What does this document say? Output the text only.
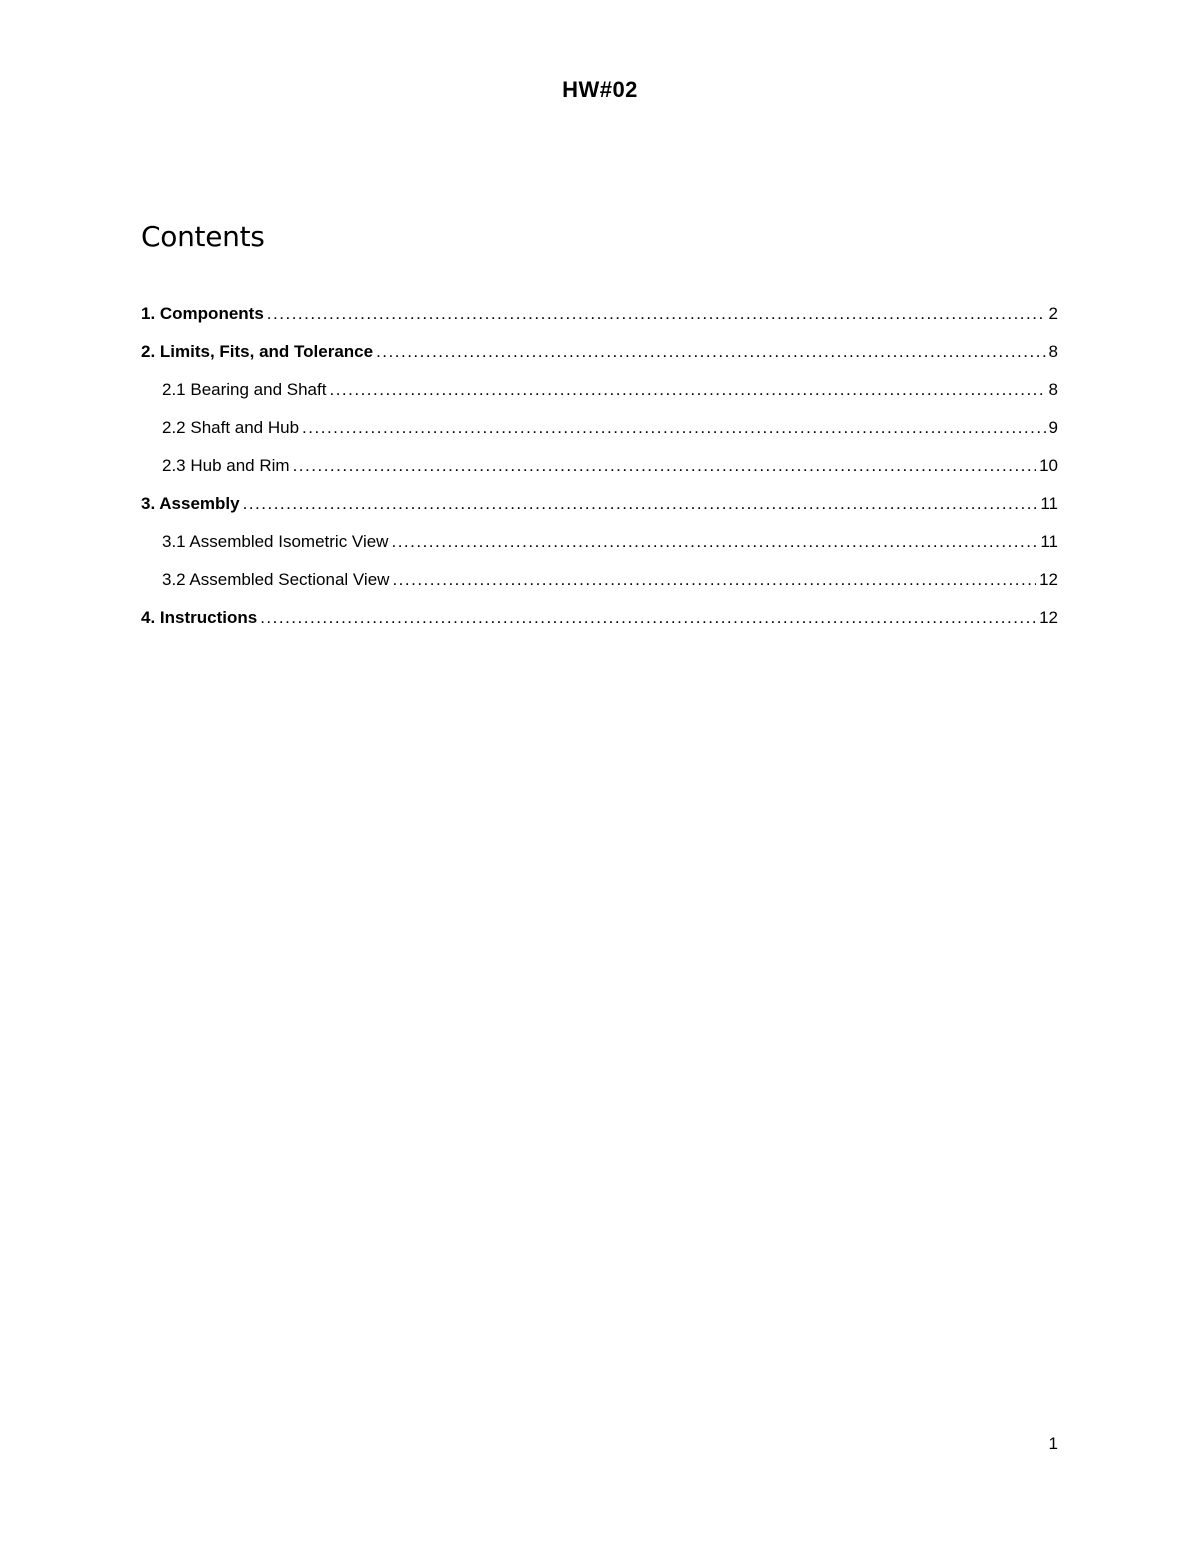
HW#02
Contents
1. Components .....	2
2. Limits, Fits, and Tolerance .....	8
2.1 Bearing and Shaft .....	8
2.2 Shaft and Hub .....	9
2.3 Hub and Rim .....	10
3. Assembly .....	11
3.1 Assembled Isometric View .....	11
3.2 Assembled Sectional View .....	12
4. Instructions .....	12
1
